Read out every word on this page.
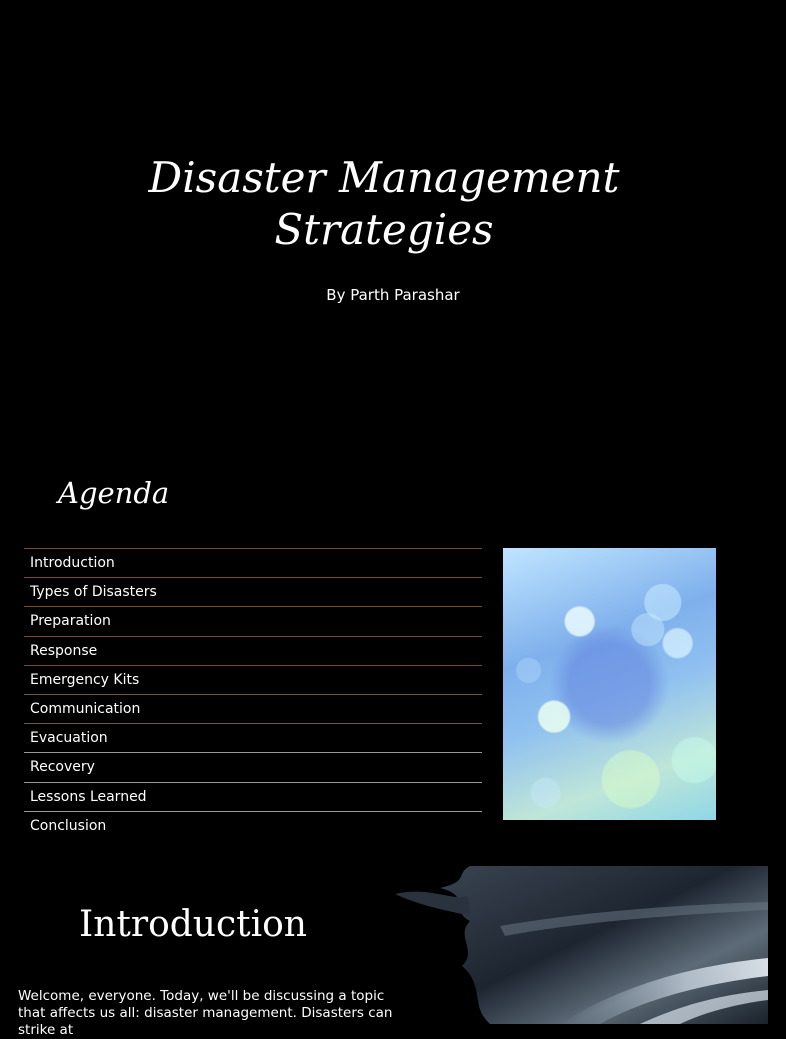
Disaster Management
Strategies
By Parth Parashar
Agenda
Introduction
Types of Disasters
Preparation
Response
Emergency Kits
Communication
Evacuation
Recovery
Lessons Learned
Conclusion
Introduction
Welcome, everyone. Today, we'll be discussing a topic that affects us all: disaster management. Disasters can strike at
